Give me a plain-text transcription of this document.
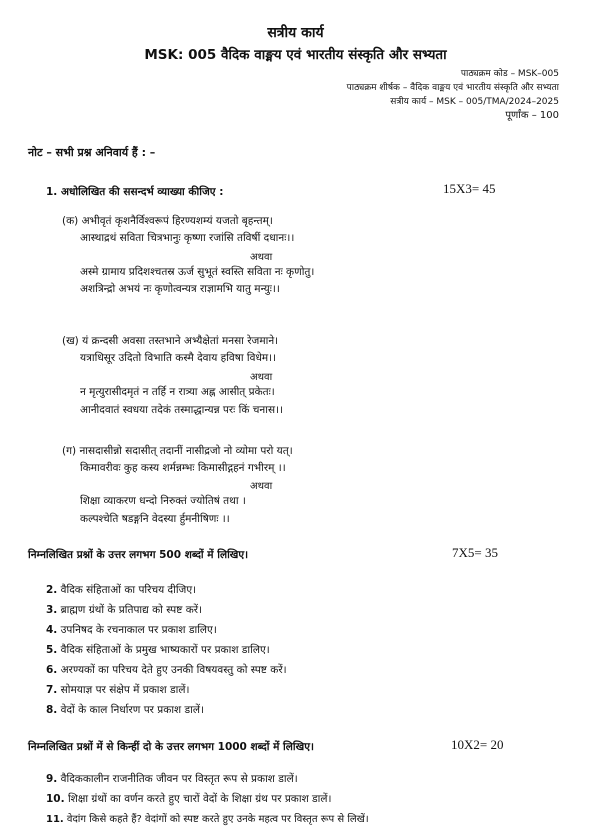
सत्रीय कार्य
MSK: 005 वैदिक वाङ्मय एवं भारतीय संस्कृति और सभ्यता
पाठ्यक्रम कोड – MSK–005
पाठ्यक्रम शीर्षक – वैदिक वाङ्मय एवं भारतीय संस्कृति और सभ्यता
सत्रीय कार्य – MSK – 005/TMA/2024–2025
पूर्णांक – 100
नोट – सभी प्रश्न अनिवार्य हैं : –
1. अधोलिखित की ससन्दर्भ व्याख्या कीजिए :	15X3= 45
(क) अभीवृतं कृशनैर्विश्वरूपं हिरण्यशम्यं यजतो बृहन्तम्।
आस्थाद्रथं सविता चित्रभानुः कृष्णा रजांसि तविषीं दधानः।।
अथवा
अस्मे ग्रामाय प्रदिशश्चतस्र ऊर्ज सुभूतं स्वस्ति सविता नः कृणोतु।
अशत्रिन्द्रो अभयं नः कृणोत्वन्यत्र राज्ञामभि यातु मन्युः।।
(ख) यं क्रन्दसी अवसा तस्तभाने अभ्यैक्षेतां मनसा रेजमाने।
यत्राधिसूर उदितो विभाति कस्मै देवाय हविषा विधेम।।
अथवा
न मृत्युरासीदमृतं न तर्हि न रात्र्या अह्न आसीत् प्रकेतः।
आनीदवातं स्वधया तदेकं तस्माद्धान्यन्न परः किं चनास।।
(ग) नासदासीन्नो सदासीत् तदानीं नासीद्रजो नो व्योमा परो यत्।
किमावरीवः कुह कस्य शर्मन्नम्भः किमासीद्गहनं गभीरम् ।।
अथवा
शिक्षा व्याकरण धन्दो निरुक्तं ज्योतिषं तथा ।
कल्पश्चेति षडङ्गनि वेदस्या र्हुमनीषिणः ।।
निम्नलिखित प्रश्नों के उत्तर लगभग 500 शब्दों में लिखिए।	7X5= 35
2. वैदिक संहिताओं का परिचय दीजिए।
3. ब्राह्मण ग्रंथों के प्रतिपाद्य को स्पष्ट करें।
4. उपनिषद के रचनाकाल पर प्रकाश डालिए।
5. वैदिक संहिताओं के प्रमुख भाष्यकारों पर प्रकाश डालिए।
6. अरण्यकों का परिचय देते हुए उनकी विषयवस्तु को स्पष्ट करें।
7. सोमयाज्ञ पर संक्षेप में प्रकाश डालें।
8. वेदों के काल निर्धारण पर प्रकाश डालें।
निम्नलिखित प्रश्नों में से किन्हीं दो के उत्तर लगभग 1000 शब्दों में लिखिए।	10X2= 20
9. वैदिककालीन राजनीतिक जीवन पर विस्तृत रूप से प्रकाश डालें।
10. शिक्षा ग्रंथों का वर्णन करते हुए चारों वेदों के शिक्षा ग्रंथ पर प्रकाश डालें।
11. वेदांग किसे कहते हैं? वेदांगों को स्पष्ट करते हुए उनके महत्व पर विस्तृत रूप से लिखें।
